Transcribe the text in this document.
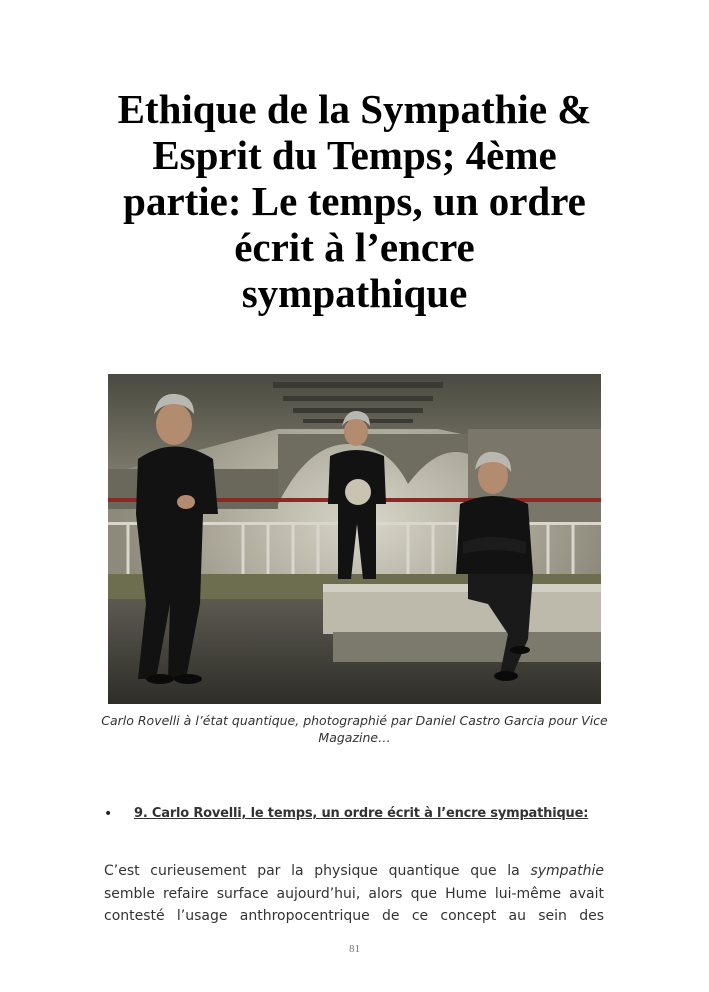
Ethique de la Sympathie &
Esprit du Temps; 4ème
partie: Le temps, un ordre
écrit à l’encre
sympathique
Carlo Rovelli à l’état quantique, photographié par Daniel Castro Garcia pour Vice
Magazine…
•	9. Carlo Rovelli, le temps, un ordre écrit à l’encre sympathique:

C’est curieusement par la physique quantique que la sympathie
semble refaire surface aujourd’hui, alors que Hume lui-même avait
contesté l’usage anthropocentrique de ce concept au sein des

81
